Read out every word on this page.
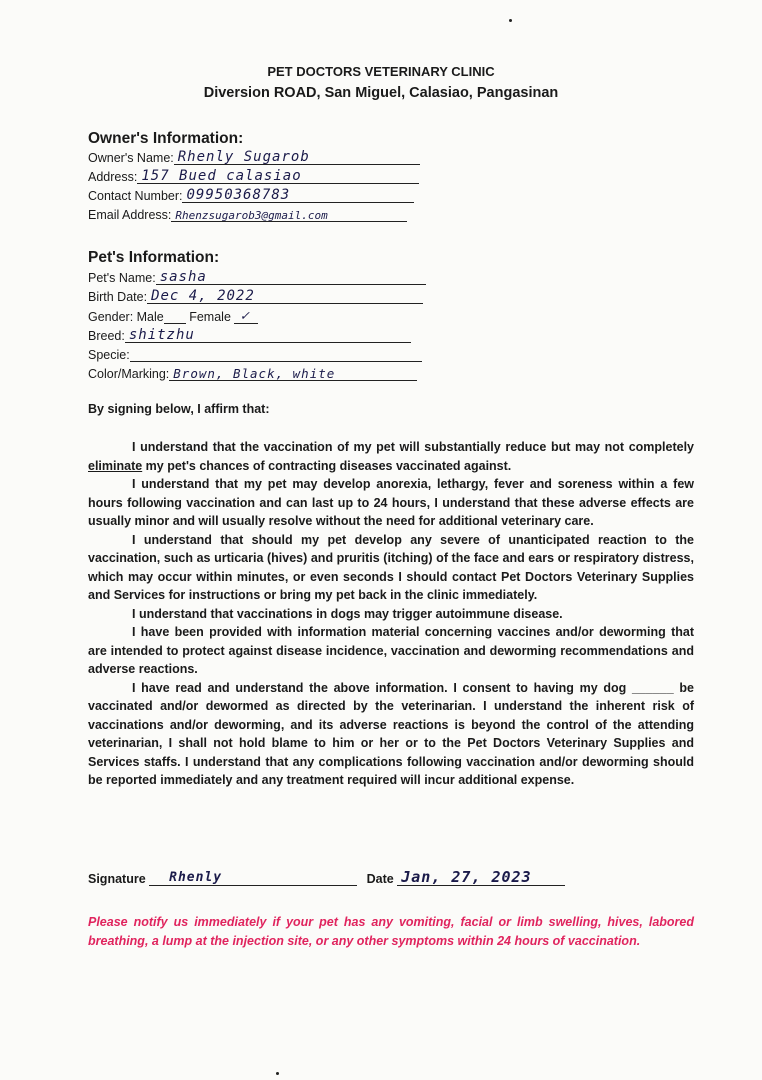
PET DOCTORS VETERINARY CLINIC
Diversion ROAD, San Miguel, Calasiao, Pangasinan
Owner's Information:
Owner's Name: Rhenly Sugarob
Address: 157 Bued calasiao
Contact Number: 09950368783
Email Address: Rhenzsugarob3@gmail.com
Pet's Information:
Pet's Name: sasha
Birth Date: Dec 4, 2022
Gender: Male Female ✓
Breed: shitzhu
Specie:
Color/Marking: Brown, Black, white
By signing below, I affirm that:

I understand that the vaccination of my pet will substantially reduce but may not completely eliminate my pet's chances of contracting diseases vaccinated against.

I understand that my pet may develop anorexia, lethargy, fever and soreness within a few hours following vaccination and can last up to 24 hours, I understand that these adverse effects are usually minor and will usually resolve without the need for additional veterinary care.

I understand that should my pet develop any severe of unanticipated reaction to the vaccination, such as urticaria (hives) and pruritis (itching) of the face and ears or respiratory distress, which may occur within minutes, or even seconds I should contact Pet Doctors Veterinary Supplies and Services for instructions or bring my pet back in the clinic immediately.

I understand that vaccinations in dogs may trigger autoimmune disease.

I have been provided with information material concerning vaccines and/or deworming that are intended to protect against disease incidence, vaccination and deworming recommendations and adverse reactions.

I have read and understand the above information. I consent to having my dog ______ be vaccinated and/or dewormed as directed by the veterinarian. I understand the inherent risk of vaccinations and/or deworming, and its adverse reactions is beyond the control of the attending veterinarian, I shall not hold blame to him or her or to the Pet Doctors Veterinary Supplies and Services staffs. I understand that any complications following vaccination and/or deworming should be reported immediately and any treatment required will incur additional expense.

Signature Rhenly	Date Jan, 27, 2023
Please notify us immediately if your pet has any vomiting, facial or limb swelling, hives, labored breathing, a lump at the injection site, or any other symptoms within 24 hours of vaccination.
